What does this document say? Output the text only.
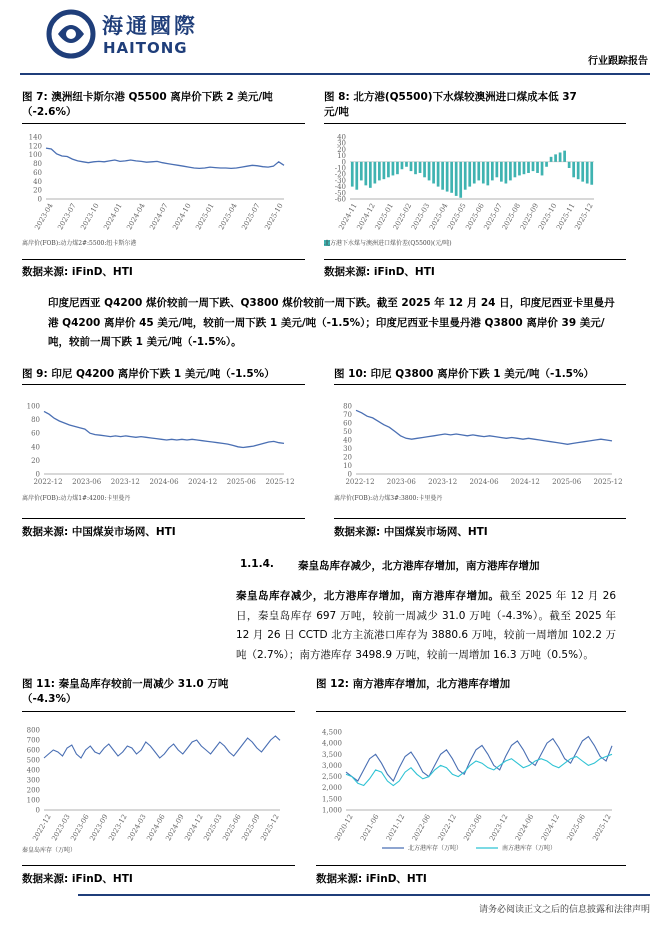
海通國際
HAITONG
行业跟踪报告
图 7: 澳洲纽卡斯尔港 Q5500 离岸价下跌 2 美元/吨
（-2.6%）
140
120
100
80
60
40
20
0
2023-04 2023-07 2023-10 2024-01 2024-04 2024-07 2024-10 2025-01 2025-04 2025-07 2025-10
离岸价(FOB):动力煤2#:5500:纽卡斯尔港
数据来源: iFinD、HTI
图 8: 北方港(Q5500)下水煤较澳洲进口煤成本低 37
元/吨
40
30
20
10
0
-10
-20
-30
-40
-50
-60
2024-11
2024-12
2025-01
2025-02
2025-03
2025-04
2025-05
2025-06
2025-07
2025-08
2025-09
2025-10
2025-11
2025-12
北方港下水煤与澳洲进口煤价差(Q5500)(元/吨)
数据来源: iFinD、HTI
印度尼西亚 Q4200 煤价较前一周下跌、Q3800 煤价较前一周下跌。截至 2025 年 12 月 24 日，印度尼西亚卡里曼丹港 Q4200 离岸价 45 美元/吨，较前一周下跌 1 美元/吨（-1.5%）；印度尼西亚卡里曼丹港 Q3800 离岸价 39 美元/吨，较前一周下跌 1 美元/吨（-1.5%）。
图 9: 印尼 Q4200 离岸价下跌 1 美元/吨（-1.5%）
100
80
60
40
20
0
2022-12 2023-06 2023-12 2024-06 2024-12 2025-06 2025-12
离岸价(FOB):动力煤1#:4200:卡里曼丹
数据来源: 中国煤炭市场网、HTI
图 10: 印尼 Q3800 离岸价下跌 1 美元/吨（-1.5%）
80
70
60
50
40
30
20
10
0
2022-12 2023-06 2023-12 2024-06 2024-12 2025-06 2025-12
离岸价(FOB):动力煤3#:3800:卡里曼丹
数据来源: 中国煤炭市场网、HTI
1.1.4. 秦皇岛库存减少，北方港库存增加，南方港库存增加
秦皇岛库存减少，北方港库存增加，南方港库存增加。截至 2025 年 12 月 26 日，秦皇岛库存 697 万吨，较前一周减少 31.0 万吨（-4.3%）。截至 2025 年 12 月 26 日 CCTD 北方主流港口库存为 3880.6 万吨，较前一周增加 102.2 万吨（2.7%）；南方港库存 3498.9 万吨，较前一周增加 16.3 万吨（0.5%）。
图 11: 秦皇岛库存较前一周减少 31.0 万吨
（-4.3%）
800
700
600
500
400
300
200
100
0
2022-12
2023-03
2023-06
2023-09
2023-12
2024-03
2024-06
2024-09
2024-12
2025-03
2025-06
2025-09
2025-12
秦皇岛库存（万吨）
数据来源: iFinD、HTI
图 12: 南方港库存增加，北方港库存增加
4,500
4,000
3,500
3,000
2,500
2,000
1,500
1,000
2020-12 2021-06 2021-12 2022-06 2022-12 2023-06 2023-12 2024-06 2024-12 2025-06 2025-12
北方港库存（万吨）	南方港库存（万吨）
数据来源: iFinD、HTI
请务必阅读正文之后的信息披露和法律声明
